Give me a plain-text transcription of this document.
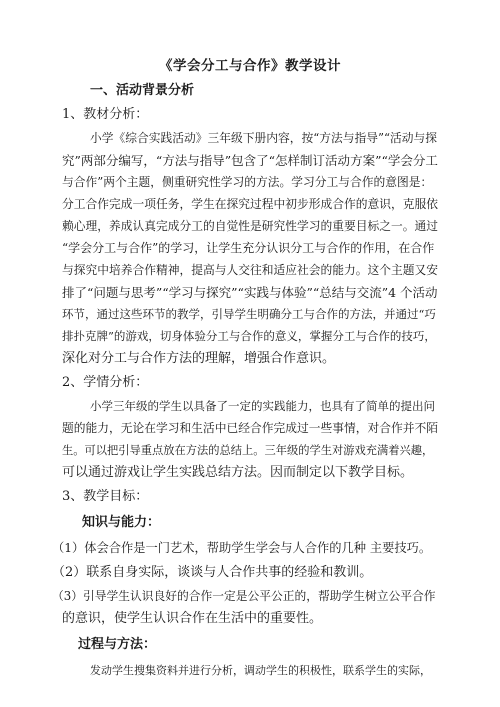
《学会分工与合作》教学设计
一、活动背景分析
1、教材分析：
小学《综合实践活动》三年级下册内容，按“方法与指导”“活动与探
究”两部分编写，“方法与指导”包含了“怎样制订活动方案”“学会分工
与合作”两个主题，侧重研究性学习的方法。学习分工与合作的意图是：
分工合作完成一项任务，学生在探究过程中初步形成合作的意识，克服依
赖心理，养成认真完成分工的自觉性是研究性学习的重要目标之一。通过
“学会分工与合作”的学习，让学生充分认识分工与合作的作用，在合作
与探究中培养合作精神，提高与人交往和适应社会的能力。这个主题又安
排了“问题与思考”“学习与探究”“实践与体验”“总结与交流”4 个活动
环节，通过这些环节的教学，引导学生明确分工与合作的方法，并通过“巧
排扑克牌”的游戏，切身体验分工与合作的意义，掌握分工与合作的技巧，
深化对分工与合作方法的理解，增强合作意识。
2、学情分析：
小学三年级的学生以具备了一定的实践能力，也具有了简单的提出问
题的能力，无论在学习和生活中已经合作完成过一些事情，对合作并不陌
生。可以把引导重点放在方法的总结上。三年级的学生对游戏充满着兴趣，
可以通过游戏让学生实践总结方法。因而制定以下教学目标。
3、教学目标：
知识与能力：
（1）体会合作是一门艺术，帮助学生学会与人合作的几种 主要技巧。
（2）联系自身实际，谈谈与人合作共事的经验和教训。
（3）引导学生认识良好的合作一定是公平公正的，帮助学生树立公平合作
的意识，使学生认识合作在生活中的重要性。
过程与方法：
发动学生搜集资料并进行分析，调动学生的积极性，联系学生的实际，
